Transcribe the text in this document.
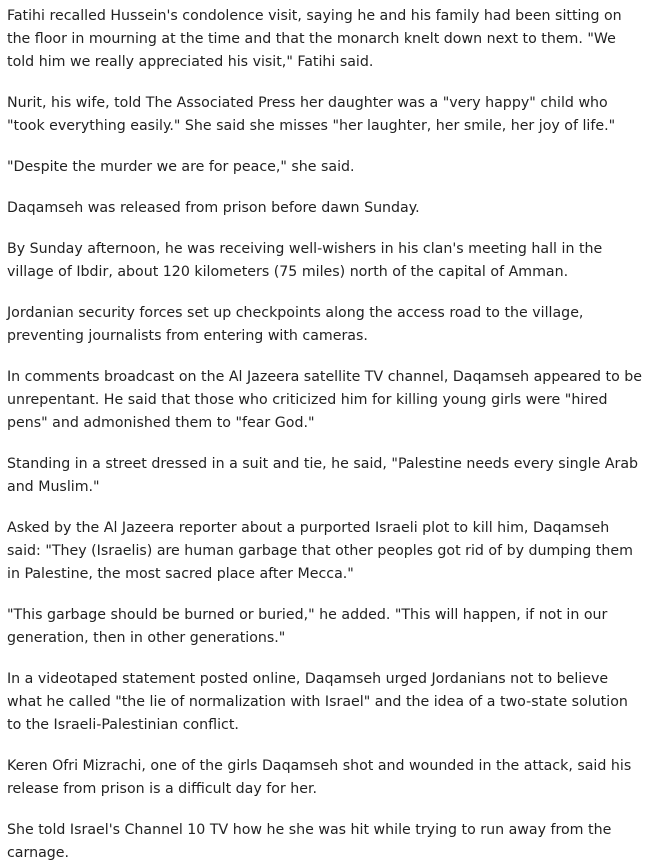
Fatihi recalled Hussein's condolence visit, saying he and his family had been sitting on the floor in mourning at the time and that the monarch knelt down next to them. "We told him we really appreciated his visit," Fatihi said.

Nurit, his wife, told The Associated Press her daughter was a "very happy" child who "took everything easily." She said she misses "her laughter, her smile, her joy of life."

"Despite the murder we are for peace," she said.

Daqamseh was released from prison before dawn Sunday.

By Sunday afternoon, he was receiving well-wishers in his clan's meeting hall in the village of Ibdir, about 120 kilometers (75 miles) north of the capital of Amman.

Jordanian security forces set up checkpoints along the access road to the village, preventing journalists from entering with cameras.

In comments broadcast on the Al Jazeera satellite TV channel, Daqamseh appeared to be unrepentant. He said that those who criticized him for killing young girls were "hired pens" and admonished them to "fear God."

Standing in a street dressed in a suit and tie, he said, "Palestine needs every single Arab and Muslim."

Asked by the Al Jazeera reporter about a purported Israeli plot to kill him, Daqamseh said: "They (Israelis) are human garbage that other peoples got rid of by dumping them in Palestine, the most sacred place after Mecca."

"This garbage should be burned or buried," he added. "This will happen, if not in our generation, then in other generations."

In a videotaped statement posted online, Daqamseh urged Jordanians not to believe what he called "the lie of normalization with Israel" and the idea of a two-state solution to the Israeli-Palestinian conflict.

Keren Ofri Mizrachi, one of the girls Daqamseh shot and wounded in the attack, said his release from prison is a difficult day for her.

She told Israel's Channel 10 TV how he she was hit while trying to run away from the carnage.
